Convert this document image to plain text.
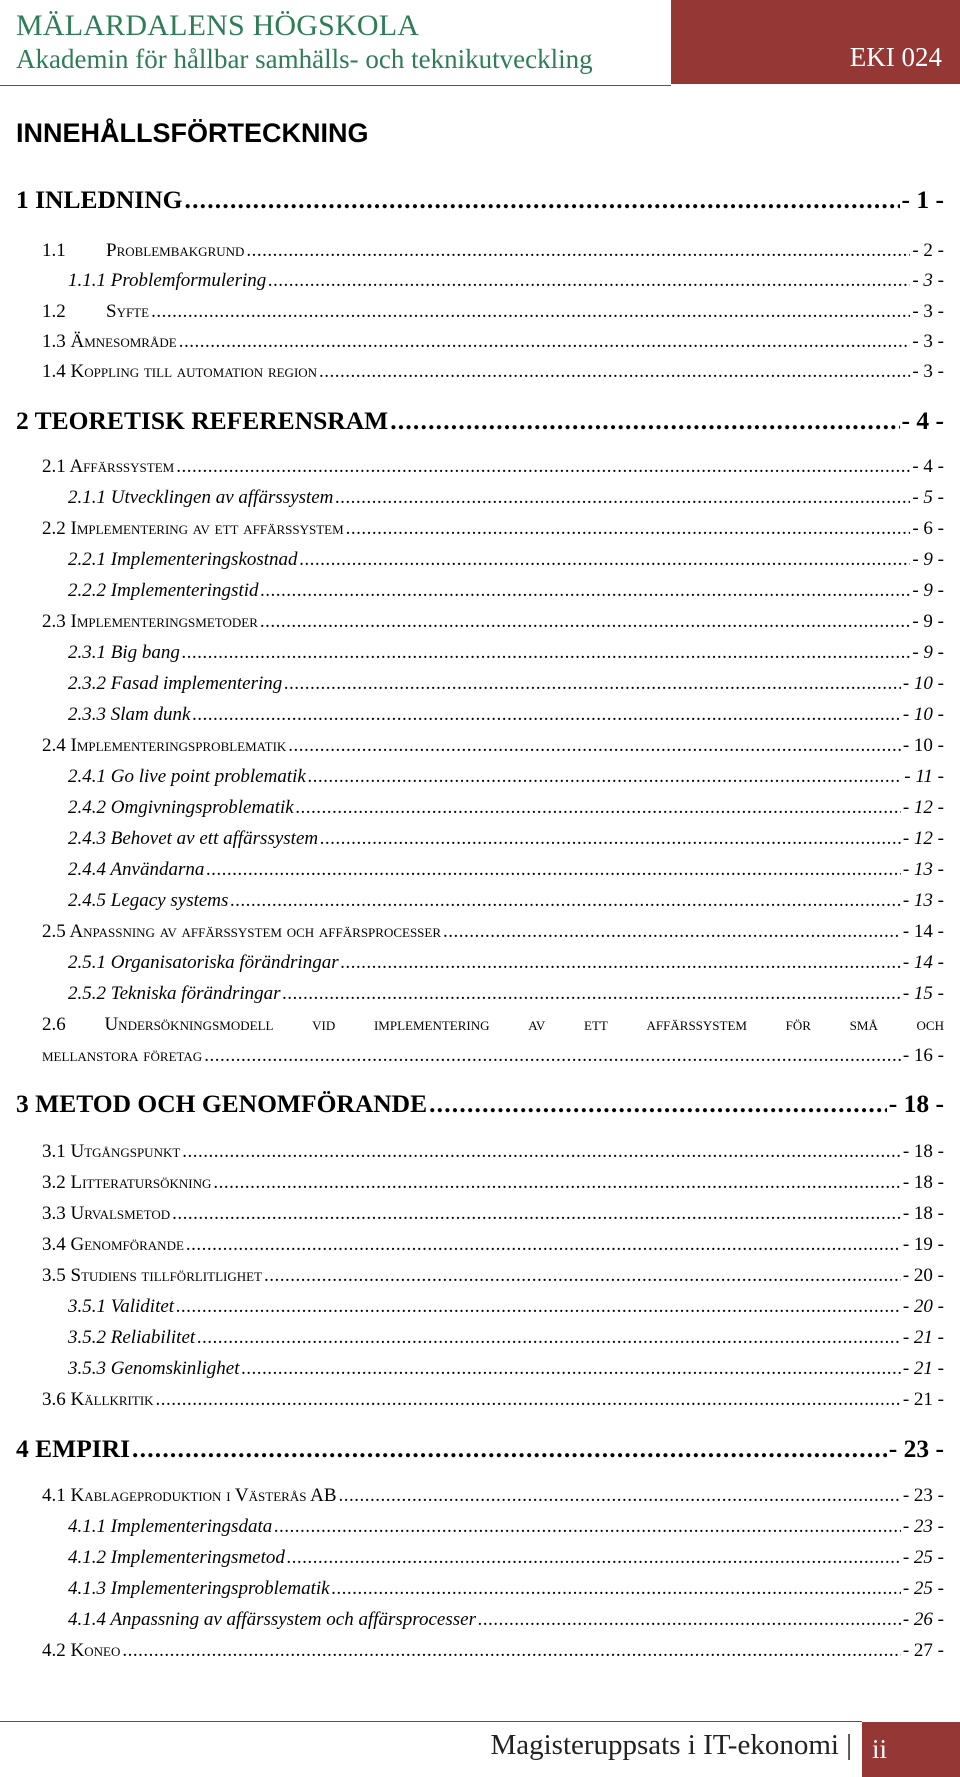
MÄLARDALENS HÖGSKOLA
Akademin för hållbar samhälls- och teknikutveckling	EKI 024
INNEHÅLLSFÖRTECKNING
1 INLEDNING .....	- 1 -
1.1 Problembakgrund .....	- 2 -
1.1.1 Problemformulering .....	- 3 -
1.2 Syfte .....	- 3 -
1.3 Ämnesområde .....	- 3 -
1.4 Koppling till automation region .....	- 3 -
2 TEORETISK REFERENSRAM .....	- 4 -
2.1 Affärssystem .....	- 4 -
2.1.1 Utvecklingen av affärssystem .....	- 5 -
2.2 Implementering av ett affärssystem .....	- 6 -
2.2.1 Implementeringskostnad .....	- 9 -
2.2.2 Implementeringstid .....	- 9 -
2.3 Implementeringsmetoder .....	- 9 -
2.3.1 Big bang .....	- 9 -
2.3.2 Fasad implementering .....	- 10 -
2.3.3 Slam dunk .....	- 10 -
2.4 Implementeringsproblematik .....	- 10 -
2.4.1 Go live point problematik .....	- 11 -
2.4.2 Omgivningsproblematik .....	- 12 -
2.4.3 Behovet av ett affärssystem .....	- 12 -
2.4.4 Användarna .....	- 13 -
2.4.5 Legacy systems .....	- 13 -
2.5 Anpassning av affärssystem och affärsprocesser .....	- 14 -
2.5.1 Organisatoriska förändringar .....	- 14 -
2.5.2 Tekniska förändringar .....	- 15 -
2.6 Undersökningsmodell vid implementering av ett affärssystem för små och
mellanstora företag .....	- 16 -
3 METOD OCH GENOMFÖRANDE .....	- 18 -
3.1 Utgångspunkt .....	- 18 -
3.2 Litteratursökning .....	- 18 -
3.3 Urvalsmetod .....	- 18 -
3.4 Genomförande .....	- 19 -
3.5 Studiens tillförlitlighet .....	- 20 -
3.5.1 Validitet .....	- 20 -
3.5.2 Reliabilitet .....	- 21 -
3.5.3 Genomskinlighet .....	- 21 -
3.6 Källkritik .....	- 21 -
4 EMPIRI .....	- 23 -
4.1 Kablageproduktion i Västerås AB .....	- 23 -
4.1.1 Implementeringsdata .....	- 23 -
4.1.2 Implementeringsmetod .....	- 25 -
4.1.3 Implementeringsproblematik .....	- 25 -
4.1.4 Anpassning av affärssystem och affärsprocesser .....	- 26 -
4.2 Koneo .....	- 27 -
Magisteruppsats i IT-ekonomi | ii
